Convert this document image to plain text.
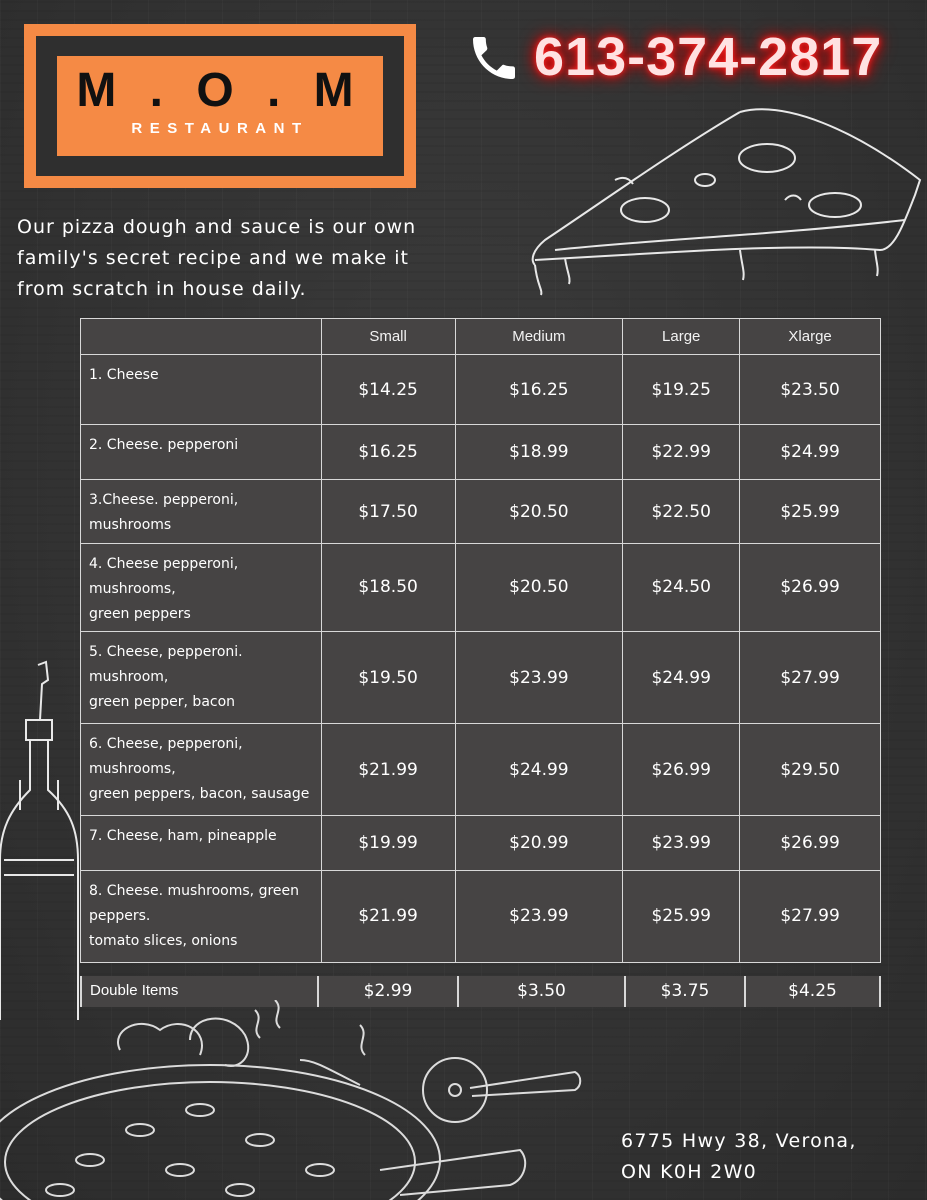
M . O . M
RESTAURANT
613-374-2817
Our pizza dough and sauce is our own
family's secret recipe and we make it
from scratch in house daily.
	Small	Medium	Large	Xlarge
1. Cheese	$14.25	$16.25	$19.25	$23.50
2. Cheese. pepperoni	$16.25	$18.99	$22.99	$24.99
3.Cheese. pepperoni,
mushrooms	$17.50	$20.50	$22.50	$25.99
4. Cheese pepperoni,
mushrooms,
green peppers	$18.50	$20.50	$24.50	$26.99
5. Cheese, pepperoni.
mushroom,
green pepper, bacon	$19.50	$23.99	$24.99	$27.99
6. Cheese, pepperoni,
mushrooms,
green peppers, bacon, sausage	$21.99	$24.99	$26.99	$29.50
7. Cheese, ham, pineapple	$19.99	$20.99	$23.99	$26.99
8. Cheese. mushrooms, green
peppers.
tomato slices, onions	$21.99	$23.99	$25.99	$27.99
Double Items	$2.99	$3.50	$3.75	$4.25
6775 Hwy 38, Verona,
ON K0H 2W0
